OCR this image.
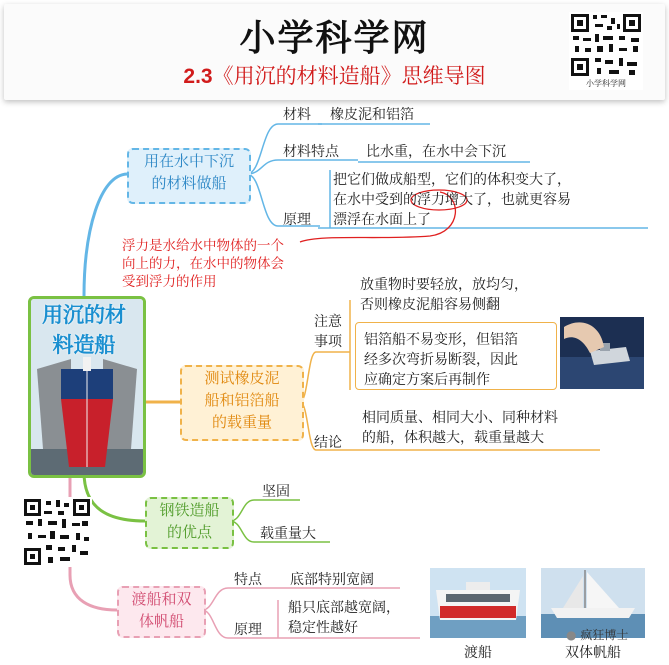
小学科学网
2.3《用沉的材料造船》思维导图	小学科学网
用沉的材
料造船
用在水中下沉
的材料做船
材料 橡皮泥和铝箔
材料特点 比水重，在水中会下沉
原理
把它们做成船型，它们的体积变大了，
在水中受到的浮力增大了，也就更容易
漂浮在水面上了
浮力是水给水中物体的一个
向上的力，在水中的物体会
受到浮力的作用
测试橡皮泥
船和铝箔船
的载重量
注意
事项
放重物时要轻放，放均匀，
否则橡皮泥船容易侧翻
铝箔船不易变形，但铝箔
经多次弯折易断裂，因此
应确定方案后再制作
结论
相同质量、相同大小、同种材料
的船，体积越大，载重量越大
钢铁造船
的优点
坚固
载重量大
渡船和双
体帆船
特点 底部特别宽阔
原理
船只底部越宽阔，
稳定性越好
渡船	双体帆船
● 疯狂博士
